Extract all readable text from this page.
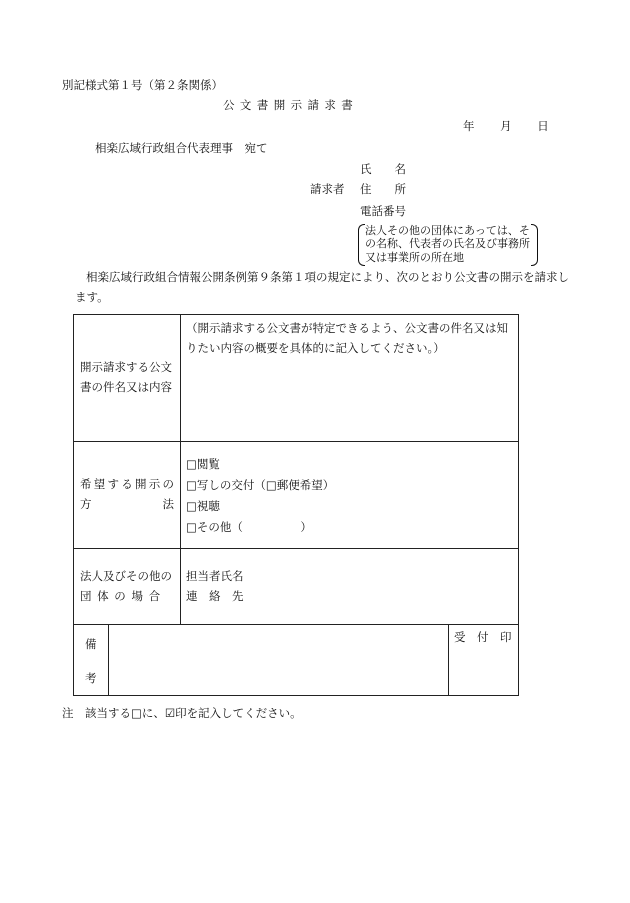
別記様式第１号（第２条関係）
公文書開示請求書
年 月 日
相楽広域行政組合代表理事　宛て
氏　　名
請求者 住　　所
電話番号
法人その他の団体にあっては、その名称、代表者の氏名及び事務所又は事業所の所在地
相楽広域行政組合情報公開条例第９条第１項の規定により、次のとおり公文書の開示を請求します。
開示請求する公文
書の件名又は内容
（開示請求する公文書が特定できるよう、公文書の件名又は知
りたい内容の概要を具体的に記入してください。）
希望する開示の
方　　　　　法
□閲覧
□写しの交付（□郵便希望）
□視聴
□その他（　　　　　）
法人及びその他の
団 体 の 場 合
担当者氏名
連　絡　先
備
考
受　付　印
注　該当する□に、☑印を記入してください。
